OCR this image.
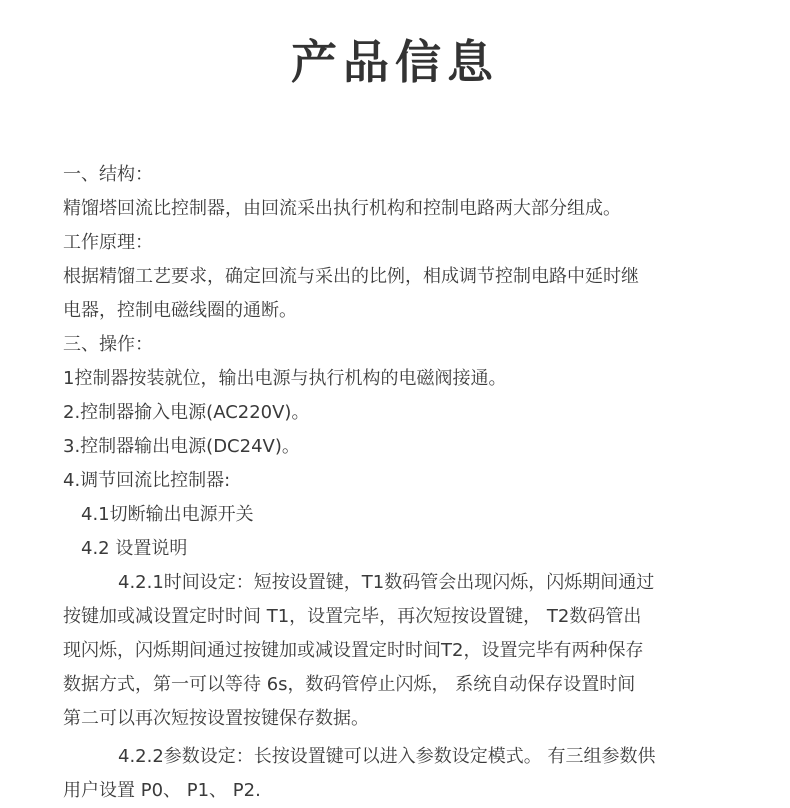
产品信息
一、结构：
精馏塔回流比控制器，由回流采出执行机构和控制电路两大部分组成。
工作原理：
根据精馏工艺要求，确定回流与采出的比例，相成调节控制电路中延时继
电器，控制电磁线圈的通断。
三、操作：
1控制器按装就位，输出电源与执行机构的电磁阀接通。
2.控制器揄入电源(AC220V)。
3.控制器输出电源(DC24V)。
4.调节回流比控制器:
4.1切断输出电源开关
4.2 设置说明
4.2.1时间设定：短按设置键，T1数码管会出现闪烁，闪烁期间通过
按键加或减设置定时时间 T1，设置完毕，再次短按设置键， T2数码管出
现闪烁，闪烁期间通过按键加或减设置定时时间T2，设置完毕有两种保存
数据方式，第一可以等待 6s，数码管停止闪烁， 系统自动保存设置时间
第二可以再次短按设置按键保存数据。
4.2.2参数设定：长按设置键可以进入参数设定模式。 有三组参数供
用户设置 P0、 P1、 P2.
